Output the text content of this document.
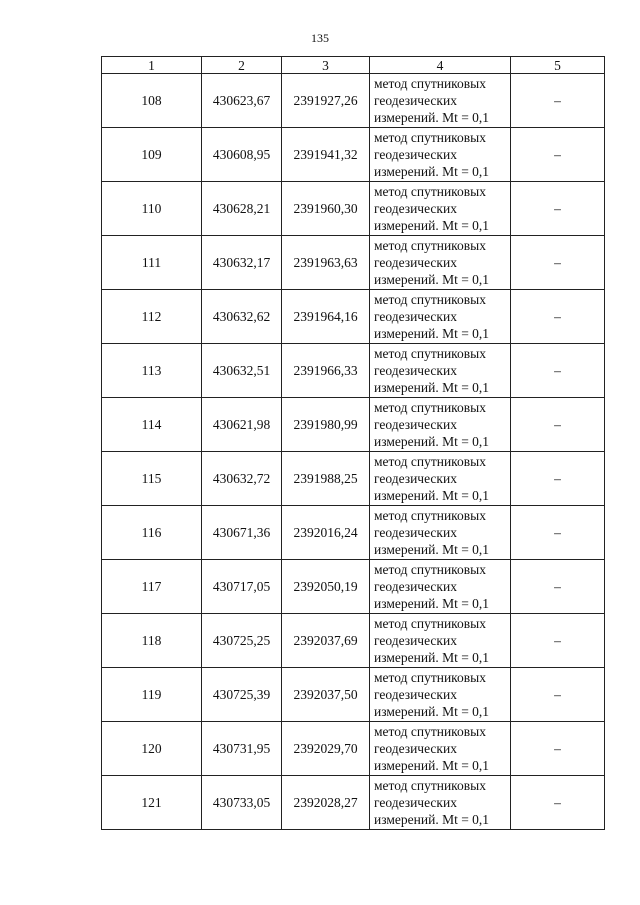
135
1	2	3	4	5
108	430623,67	2391927,26	метод спутниковых
геодезических
измерений. Mt = 0,1	–
109	430608,95	2391941,32	метод спутниковых
геодезических
измерений. Mt = 0,1	–
110	430628,21	2391960,30	метод спутниковых
геодезических
измерений. Mt = 0,1	–
111	430632,17	2391963,63	метод спутниковых
геодезических
измерений. Mt = 0,1	–
112	430632,62	2391964,16	метод спутниковых
геодезических
измерений. Mt = 0,1	–
113	430632,51	2391966,33	метод спутниковых
геодезических
измерений. Mt = 0,1	–
114	430621,98	2391980,99	метод спутниковых
геодезических
измерений. Mt = 0,1	–
115	430632,72	2391988,25	метод спутниковых
геодезических
измерений. Mt = 0,1	–
116	430671,36	2392016,24	метод спутниковых
геодезических
измерений. Mt = 0,1	–
117	430717,05	2392050,19	метод спутниковых
геодезических
измерений. Mt = 0,1	–
118	430725,25	2392037,69	метод спутниковых
геодезических
измерений. Mt = 0,1	–
119	430725,39	2392037,50	метод спутниковых
геодезических
измерений. Mt = 0,1	–
120	430731,95	2392029,70	метод спутниковых
геодезических
измерений. Mt = 0,1	–
121	430733,05	2392028,27	метод спутниковых
геодезических
измерений. Mt = 0,1	–
